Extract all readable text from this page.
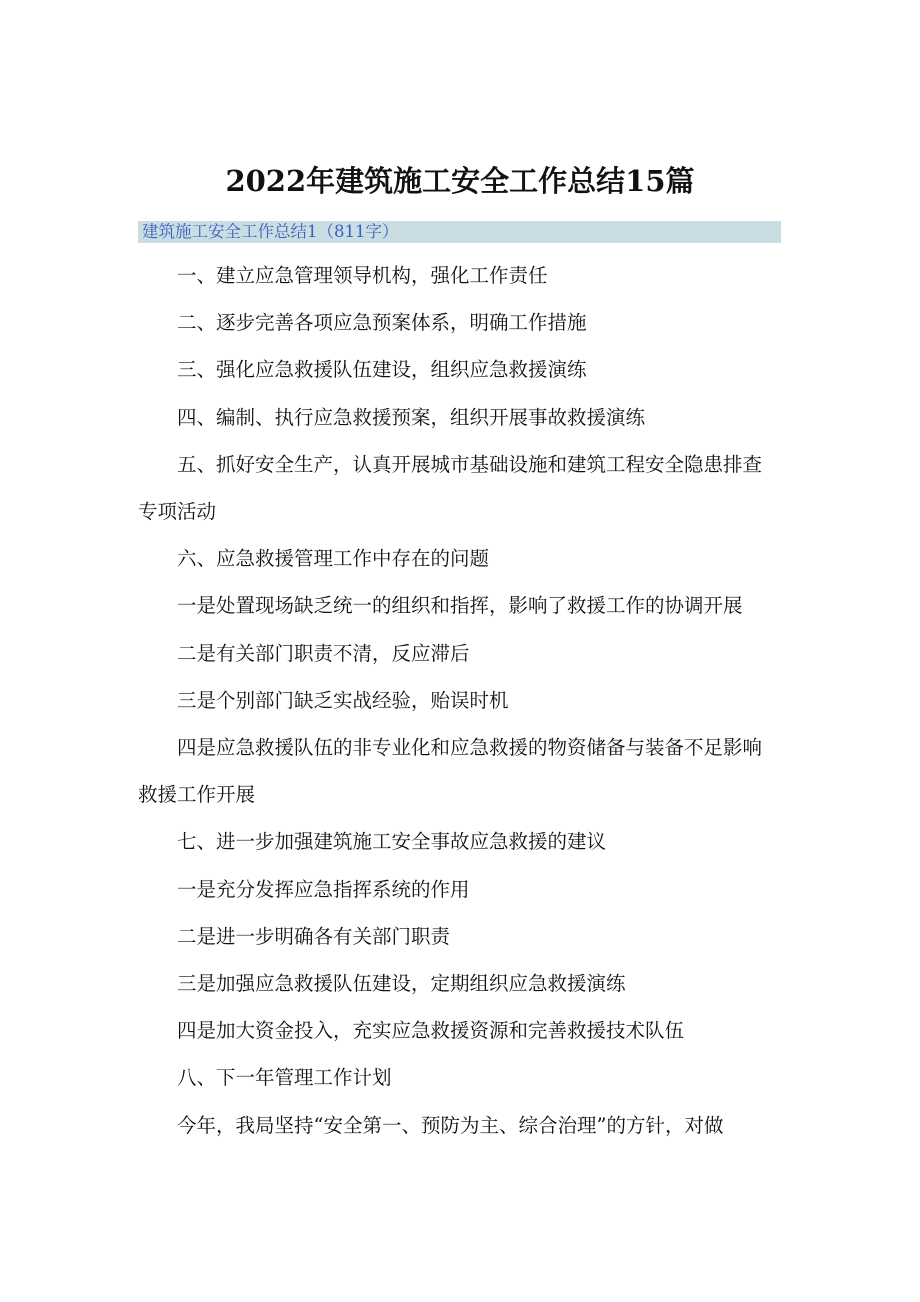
2022年建筑施工安全工作总结15篇
建筑施工安全工作总结1（811字）

一、建立应急管理领导机构，强化工作责任

二、逐步完善各项应急预案体系，明确工作措施

三、强化应急救援队伍建设，组织应急救援演练

四、编制、执行应急救援预案，组织开展事故救援演练

五、抓好安全生产，认真开展城市基础设施和建筑工程安全隐患排查专项活动

六、应急救援管理工作中存在的问题

一是处置现场缺乏统一的组织和指挥，影响了救援工作的协调开展

二是有关部门职责不清，反应滞后

三是个别部门缺乏实战经验，贻误时机

四是应急救援队伍的非专业化和应急救援的物资储备与装备不足影响救援工作开展

七、进一步加强建筑施工安全事故应急救援的建议

一是充分发挥应急指挥系统的作用

二是进一步明确各有关部门职责

三是加强应急救援队伍建设，定期组织应急救援演练

四是加大资金投入，充实应急救援资源和完善救援技术队伍

八、下一年管理工作计划

今年，我局坚持“安全第一、预防为主、综合治理”的方针，对做
